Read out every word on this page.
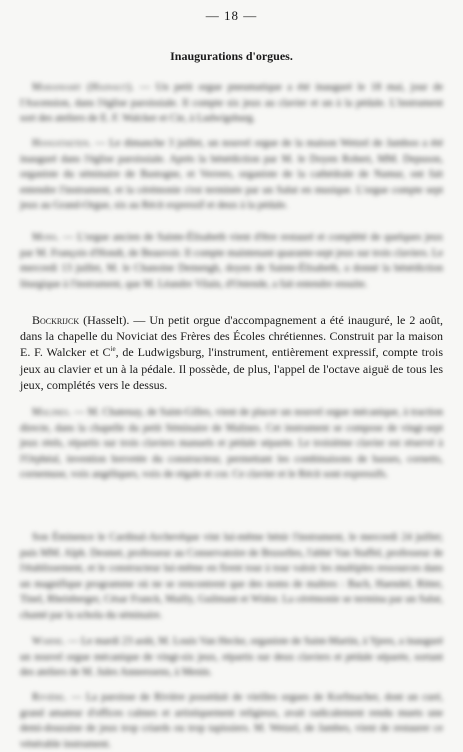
— 18 —
Inaugurations d'orgues.

Maransart (Hainaut). — Un petit orgue pneumatique a été inauguré le 18 mai, jour de l'Ascension, dans l'église paroissiale. Il compte six jeux au clavier et un à la pédale. L'instrument sort des ateliers de E. F. Walcker et Cie, à Ludwigsburg.

Hoogstaeten. — Le dimanche 3 juillet, un nouvel orgue de la maison Wetzel de Jamboo a été inauguré dans l'église paroissiale. Après la bénédiction par M. le Doyen Robert, MM. Depuson, organiste du séminaire de Bastogne, et Verrees, organiste de la cathédrale de Namur, ont fait entendre l'instrument, et la cérémonie s'est terminée par un Salut en musique. L'orgue compte sept jeux au Grand-Orgue, six au Récit expressif et deux à la pédale.

Mons. — L'orgue ancien de Sainte-Élisabeth vient d'être restauré et complété de quelques jeux par M. François d'Hondt, de Beauvoir. Il compte maintenant quarante-sept jeux sur trois claviers. Le mercredi 13 juillet, M. le Chanoine Demengh, doyen de Sainte-Élisabeth, a donné la bénédiction liturgique à l'instrument, que M. Léandre Vilain, d'Ostende, a fait entendre ensuite.

Bockrijck (Hasselt). — Un petit orgue d'accompagnement a été inauguré, le 2 août, dans la chapelle du Noviciat des Frères des Écoles chrétiennes. Construit par la maison E. F. Walcker et $C^{ie}$, de Ludwigsburg, l'instrument, entièrement expressif, compte trois jeux au clavier et un à la pédale. Il possède, de plus, l'appel de l'octave aiguë de tous les jeux, complétés vers le dessus.

Malines. — M. Chatenay, de Saint-Gilles, vient de placer un nouvel orgue mécanique, à traction directe, dans la chapelle du petit Séminaire de Malines. Cet instrument se compose de vingt-sept jeux réels, répartis sur trois claviers manuels et pédale séparée. Le troisième clavier est réservé à l'Orphéal, invention brevetée du constructeur, permettant les combinaisons de basses, cornetts, cornemuse, voix angéliques, voix de régale et cor. Ce clavier et le Récit sont expressifs.

Son Éminence le Cardinal-Archevêque vint lui-même bénir l'instrument, le mercredi 24 juillet; puis MM. Alph. Desmet, professeur au Conservatoire de Bruxelles, l'abbé Van Staffel, professeur de l'établissement, et le constructeur lui-même en firent tour à tour valoir les multiples ressources dans un magnifique programme où ne se rencontrent que des noms de maîtres : Bach, Haendel, Ritter, Tinel, Rheinberger, César Franck, Mailly, Guilmant et Widor. La cérémonie se termina par un Salut, chanté par la schola du séminaire.

Warne. — Le mardi 23 août, M. Louis Van Hecke, organiste de Saint-Martin, à Ypres, a inauguré un nouvel orgue mécanique de vingt-six jeux, répartis sur deux claviers et pédale séparée, sortant des ateliers de M. Jules Anneessens, à Menin.

Rivière. — La paroisse de Rivière possédait de vieilles orgues de Korfmacher, dont un curé, grand amateur d'offices calmes et artistiquement religieux, avait radicalement rendu muets une demi-douzaine de jeux trop criards ou trop tapissiers. M. Wetzel, de Jambes, vient de restaurer ce vénérable instrument.
